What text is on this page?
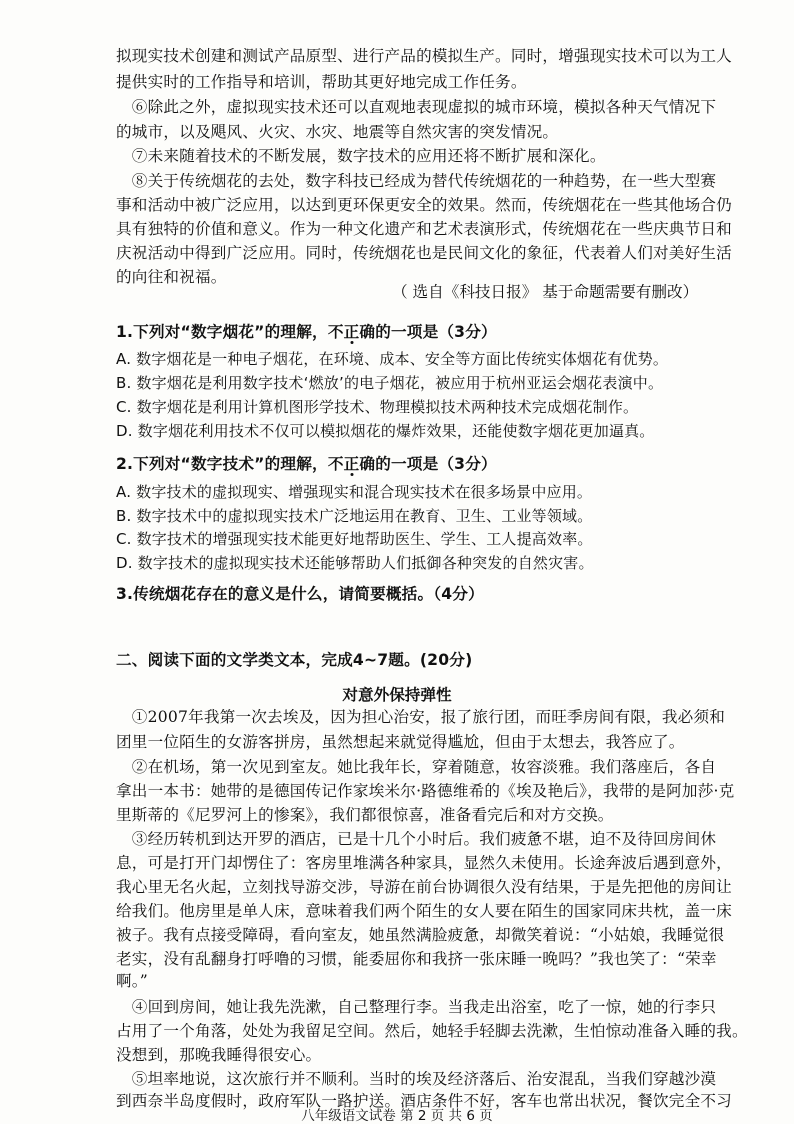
拟现实技术创建和测试产品原型、进行产品的模拟生产。同时，增强现实技术可以为工人
提供实时的工作指导和培训，帮助其更好地完成工作任务。
　⑥除此之外，虚拟现实技术还可以直观地表现虚拟的城市环境，模拟各种天气情况下
的城市，以及飓风、火灾、水灾、地震等自然灾害的突发情况。
　⑦未来随着技术的不断发展，数字技术的应用还将不断扩展和深化。
　⑧关于传统烟花的去处，数字科技已经成为替代传统烟花的一种趋势，在一些大型赛
事和活动中被广泛应用，以达到更环保更安全的效果。然而，传统烟花在一些其他场合仍
具有独特的价值和意义。作为一种文化遗产和艺术表演形式，传统烟花在一些庆典节日和
庆祝活动中得到广泛应用。同时，传统烟花也是民间文化的象征，代表着人们对美好生活
的向往和祝福。
（ 选自《科技日报》 基于命题需要有删改）
1.下列对“数字烟花”的理解，不正确的一项是（3分）
A. 数字烟花是一种电子烟花，在环境、成本、安全等方面比传统实体烟花有优势。
B. 数字烟花是利用数字技术‘燃放’的电子烟花，被应用于杭州亚运会烟花表演中。
C. 数字烟花是利用计算机图形学技术、物理模拟技术两种技术完成烟花制作。
D. 数字烟花利用技术不仅可以模拟烟花的爆炸效果，还能使数字烟花更加逼真。
2.下列对“数字技术”的理解，不正确的一项是（3分）
A. 数字技术的虚拟现实、增强现实和混合现实技术在很多场景中应用。
B. 数字技术中的虚拟现实技术广泛地运用在教育、卫生、工业等领域。
C. 数字技术的增强现实技术能更好地帮助医生、学生、工人提高效率。
D. 数字技术的虚拟现实技术还能够帮助人们抵御各种突发的自然灾害。
3.传统烟花存在的意义是什么，请简要概括。（4分）
二、阅读下面的文学类文本，完成4~7题。(20分)
对意外保持弹性
　①2007年我第一次去埃及，因为担心治安，报了旅行团，而旺季房间有限，我必须和
团里一位陌生的女游客拼房，虽然想起来就觉得尴尬，但由于太想去，我答应了。
　②在机场，第一次见到室友。她比我年长，穿着随意，妆容淡雅。我们落座后，各自
拿出一本书：她带的是德国传记作家埃米尔·路德维希的《埃及艳后》，我带的是阿加莎·克
里斯蒂的《尼罗河上的惨案》，我们都很惊喜，准备看完后和对方交换。
　③经历转机到达开罗的酒店，已是十几个小时后。我们疲惫不堪，迫不及待回房间休
息，可是打开门却愣住了：客房里堆满各种家具，显然久未使用。长途奔波后遇到意外，
我心里无名火起，立刻找导游交涉，导游在前台协调很久没有结果，于是先把他的房间让
给我们。他房里是单人床，意味着我们两个陌生的女人要在陌生的国家同床共枕，盖一床
被子。我有点接受障碍，看向室友，她虽然满脸疲惫，却微笑着说：“小姑娘，我睡觉很
老实，没有乱翻身打呼噜的习惯，能委屈你和我挤一张床睡一晚吗？”我也笑了：“荣幸
啊。”
　④回到房间，她让我先洗漱，自己整理行李。当我走出浴室，吃了一惊，她的行李只
占用了一个角落，处处为我留足空间。然后，她轻手轻脚去洗漱，生怕惊动准备入睡的我。
没想到，那晚我睡得很安心。
　⑤坦率地说，这次旅行并不顺利。当时的埃及经济落后、治安混乱，当我们穿越沙漠
到西奈半岛度假时，政府军队一路护送。酒店条件不好，客车也常出状况，餐饮完全不习
八年级语文试卷 第 2 页 共 6 页
